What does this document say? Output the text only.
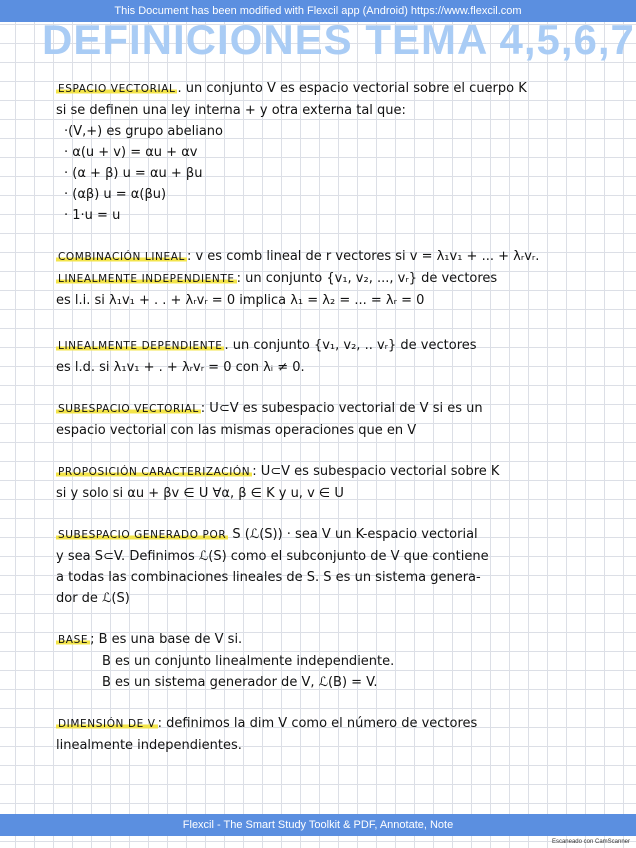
This Document has been modified with Flexcil app (Android) https://www.flexcil.com
DEFINICIONES TEMA 4,5,6,7
ESPACIO VECTORIAL . un conjunto V es espacio vectorial sobre el cuerpo K
si se definen una ley interna + y otra externa tal que:
·(V,+) es grupo abeliano
· α(u + v) = αu + αv
· (α + β) u = αu + βu
· (αβ) u = α(βu)
· 1·u = u
COMBINACIÓN LINEAL : v es comb lineal de r vectores si v = λ₁v₁ + ... + λᵣvᵣ.
LINEALMENTE INDEPENDIENTE : un conjunto {v₁, v₂, ..., vᵣ} de vectores
es l.i. si λ₁v₁ + . . + λᵣvᵣ = 0 implica λ₁ = λ₂ = ... = λᵣ = 0
LINEALMENTE DEPENDIENTE . un conjunto {v₁, v₂, .. vᵣ} de vectores
es l.d. si λ₁v₁ + . + λᵣvᵣ = 0 con λᵢ ≠ 0.
SUBESPACIO VECTORIAL : U⊂V es subespacio vectorial de V si es un
espacio vectorial con las mismas operaciones que en V
PROPOSICIÓN CARACTERIZACIÓN : U⊂V es subespacio vectorial sobre K
si y solo si αu + βv ∈ U ∀α, β ∈ K y u, v ∈ U
SUBESPACIO GENERADO POR S (ℒ(S)) · sea V un K-espacio vectorial
y sea S⊂V. Definimos ℒ(S) como el subconjunto de V que contiene
a todas las combinaciones lineales de S. S es un sistema genera-
dor de ℒ(S)
BASE ; B es una base de V si.
B es un conjunto linealmente independiente.
B es un sistema generador de V, ℒ(B) = V.
DIMENSIÓN DE V : definimos la dim V como el número de vectores
linealmente independientes.
Flexcil - The Smart Study Toolkit & PDF, Annotate, Note
Escaneado con CamScanner
